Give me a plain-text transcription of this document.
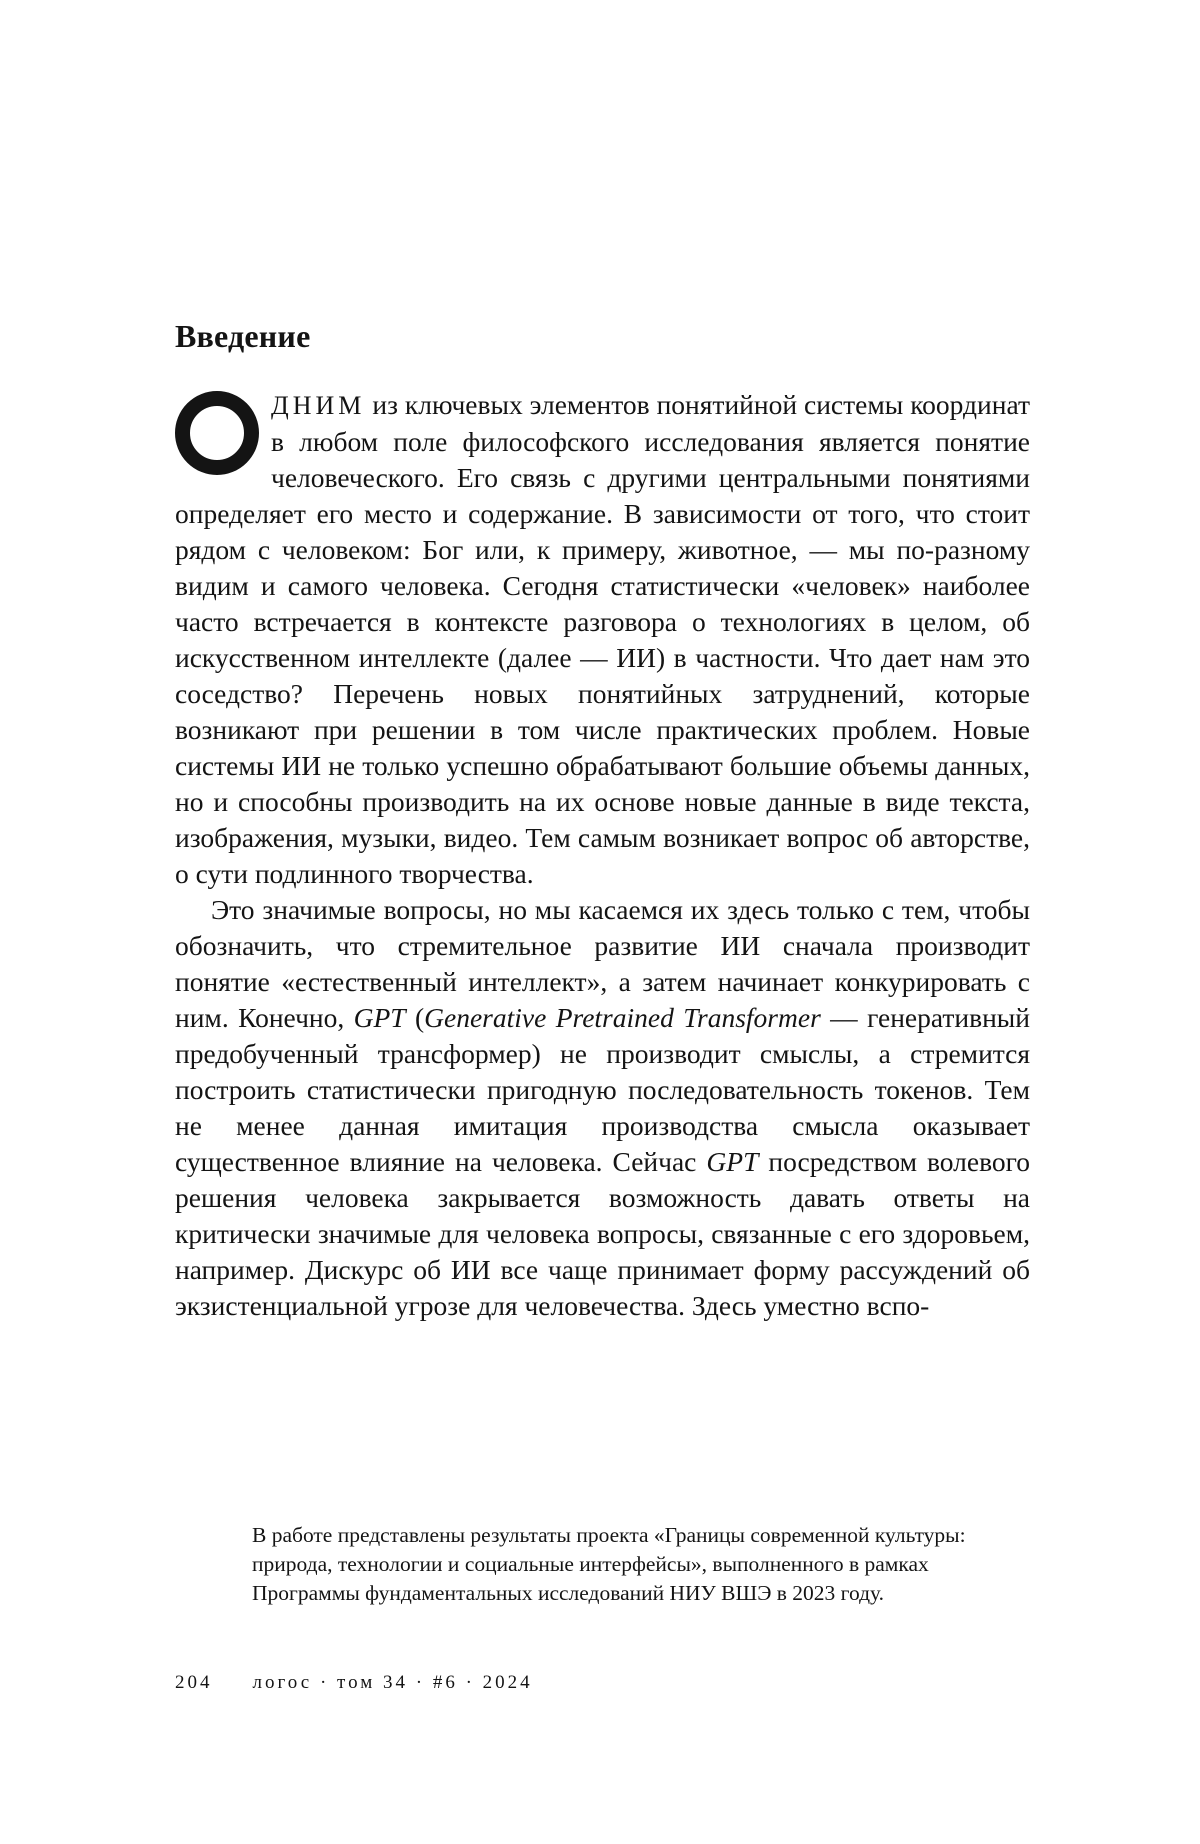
Введение

ДНИМ из ключевых элементов понятийной системы координат в любом поле философского исследования является понятие человеческого. Его связь с другими центральными понятиями определяет его место и содержание. В зависимости от того, что стоит рядом с человеком: Бог или, к примеру, животное, — мы по-разному видим и самого человека. Сегодня статистически «человек» наиболее часто встречается в контексте разговора о технологиях в целом, об искусственном интеллекте (далее — ИИ) в частности. Что дает нам это соседство? Перечень новых понятийных затруднений, которые возникают при решении в том числе практических проблем. Новые системы ИИ не только успешно обрабатывают большие объемы данных, но и способны производить на их основе новые данные в виде текста, изображения, музыки, видео. Тем самым возникает вопрос об авторстве, о сути подлинного творчества.

Это значимые вопросы, но мы касаемся их здесь только с тем, чтобы обозначить, что стремительное развитие ИИ сначала производит понятие «естественный интеллект», а затем начинает конкурировать с ним. Конечно, GPT (Generative Pretrained Transformer — генеративный предобученный трансформер) не производит смыслы, а стремится построить статистически пригодную последовательность токенов. Тем не менее данная имитация производства смысла оказывает существенное влияние на человека. Сейчас GPT посредством волевого решения человека закрывается возможность давать ответы на критически значимые для человека вопросы, связанные с его здоровьем, например. Дискурс об ИИ все чаще принимает форму рассуждений об экзистенциальной угрозе для человечества. Здесь уместно вспо-

В работе представлены результаты проекта «Границы современной культуры: природа, технологии и социальные интерфейсы», выполненного в рамках Программы фундаментальных исследований НИУ ВШЭ в 2023 году.

204 логос · том 34 · #6 · 2024
